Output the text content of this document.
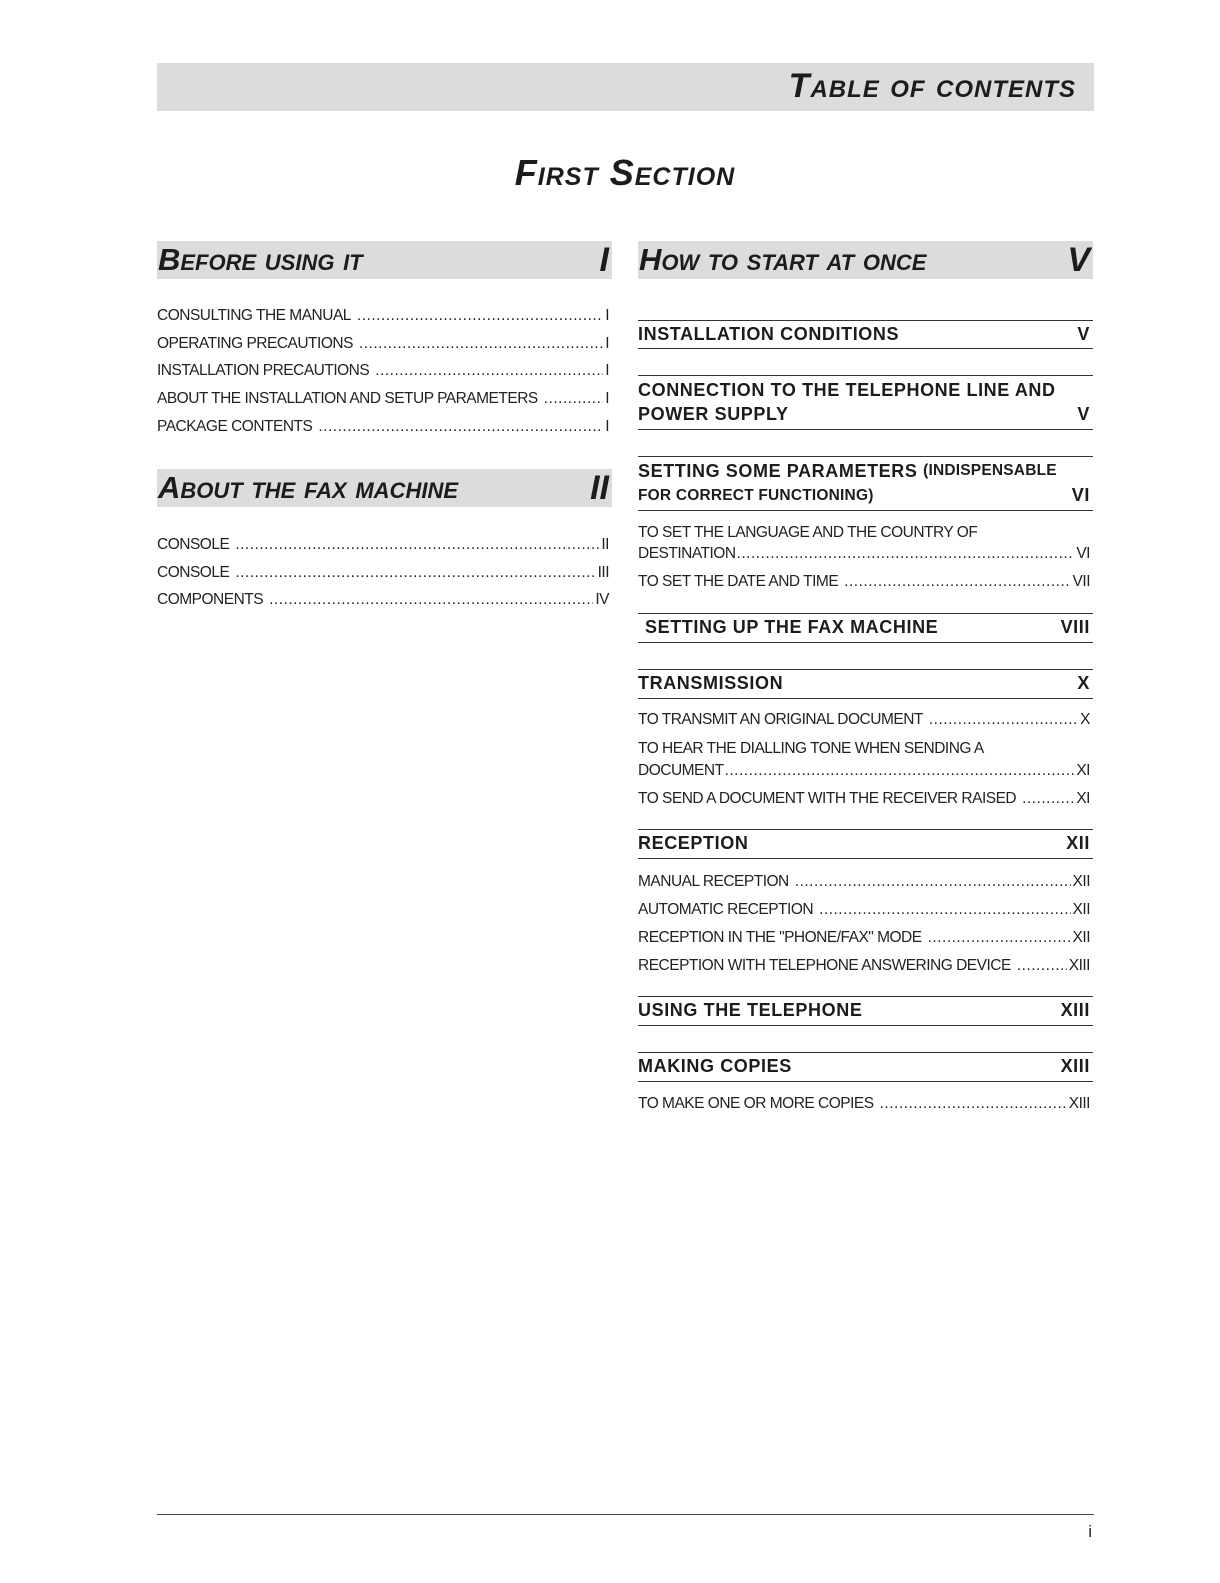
Table of contents
First Section
Before using it	I
CONSULTING THE MANUAL .....	I
OPERATING PRECAUTIONS .....	I
INSTALLATION PRECAUTIONS .....	I
ABOUT THE INSTALLATION AND SETUP PARAMETERS .....	I
PACKAGE CONTENTS .....	I
About the fax machine	II
CONSOLE .....	II
CONSOLE .....	III
COMPONENTS .....	IV
How to start at once	V
INSTALLATION CONDITIONS	V
CONNECTION TO THE TELEPHONE LINE AND
POWER SUPPLY	V
SETTING SOME PARAMETERS
(INDISPENSABLE
FOR CORRECT FUNCTIONING)	VI
TO SET THE LANGUAGE AND THE COUNTRY OF
DESTINATION .....	VI
TO SET THE DATE AND TIME .....	VII
SETTING UP THE FAX MACHINE	VIII
TRANSMISSION	X
TO TRANSMIT AN ORIGINAL DOCUMENT .....	X
TO HEAR THE DIALLING TONE WHEN SENDING A
DOCUMENT .....	XI
TO SEND A DOCUMENT WITH THE RECEIVER RAISED .....	XI
RECEPTION	XII
MANUAL RECEPTION .....	XII
AUTOMATIC RECEPTION .....	XII
RECEPTION IN THE "PHONE/FAX" MODE .....	XII
RECEPTION WITH TELEPHONE ANSWERING DEVICE .....	XIII
USING THE TELEPHONE	XIII
MAKING COPIES	XIII
TO MAKE ONE OR MORE COPIES .....	XIII
i
